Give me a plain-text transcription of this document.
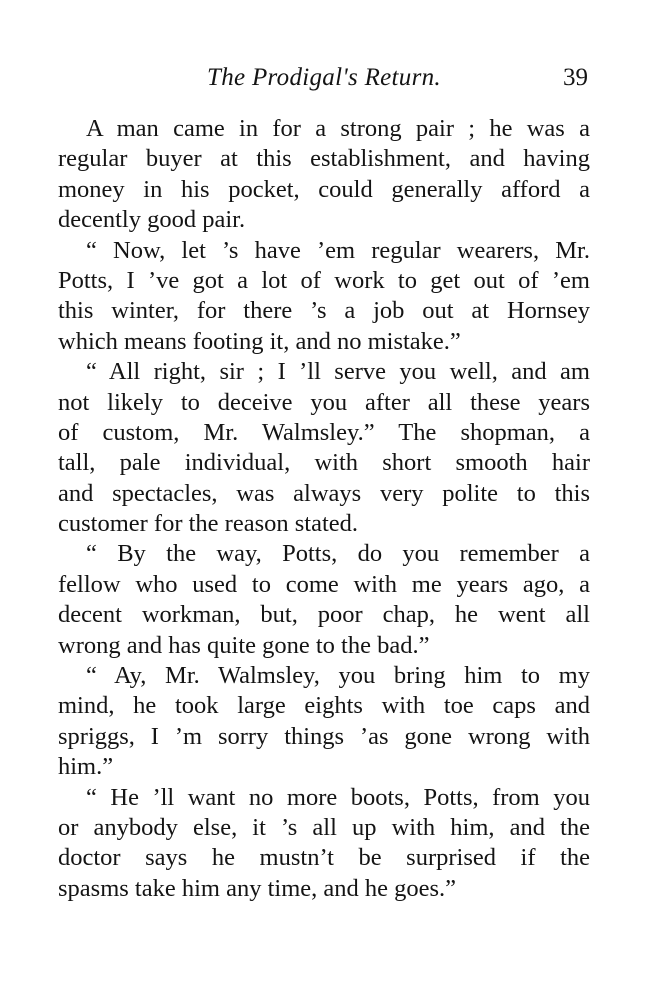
The Prodigal's Return.	39
A man came in for a strong pair ; he was a
regular buyer at this establishment, and having
money in his pocket, could generally afford a
decently good pair.
“ Now, let ’s have ’em regular wearers, Mr.
Potts, I ’ve got a lot of work to get out of ’em
this winter, for there ’s a job out at Hornsey
which means footing it, and no mistake.”
“ All right, sir ; I ’ll serve you well, and am
not likely to deceive you after all these years
of custom, Mr. Walmsley.” The shopman, a
tall, pale individual, with short smooth hair
and spectacles, was always very polite to this
customer for the reason stated.
“ By the way, Potts, do you remember a
fellow who used to come with me years ago, a
decent workman, but, poor chap, he went all
wrong and has quite gone to the bad.”
“ Ay, Mr. Walmsley, you bring him to my
mind, he took large eights with toe caps and
spriggs, I ’m sorry things ’as gone wrong with
him.”
“ He ’ll want no more boots, Potts, from you
or anybody else, it ’s all up with him, and the
doctor says he mustn’t be surprised if the
spasms take him any time, and he goes.”
